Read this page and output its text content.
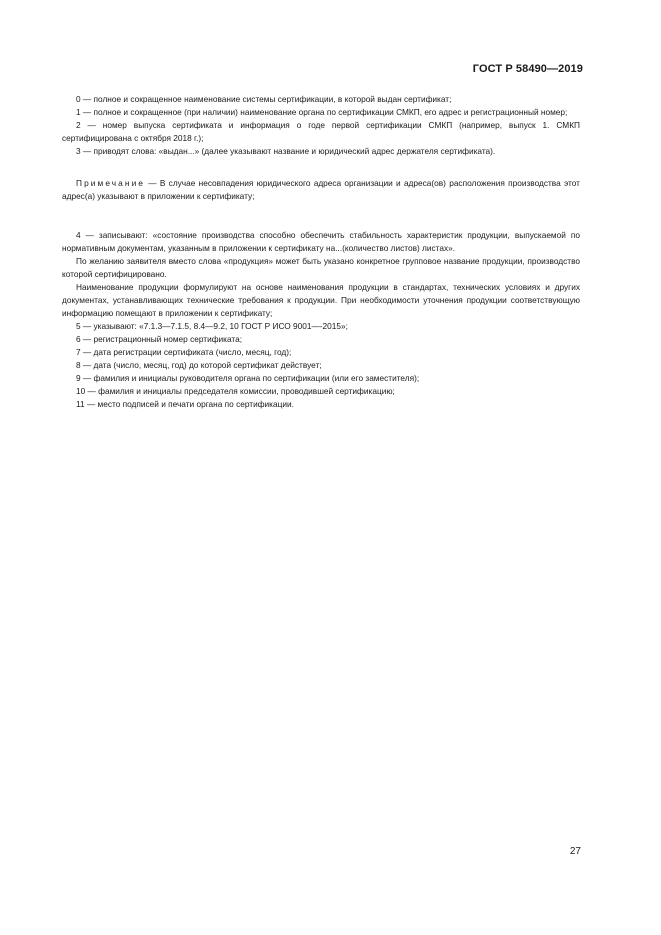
ГОСТ Р 58490—2019

0 — полное и сокращенное наименование системы сертификации, в которой выдан сертификат;

1 — полное и сокращенное (при наличии) наименование органа по сертификации СМКП, его адрес и регистрационный номер;

2 — номер выпуска сертификата и информация о годе первой сертификации СМКП (например, выпуск 1. СМКП сертифицирована с октября 2018 г.);

3 — приводят слова: «выдан...» (далее указывают название и юридический адрес держателя сертификата).

Примечание — В случае несовпадения юридического адреса организации и адреса(ов) расположения производства этот адрес(а) указывают в приложении к сертификату;

4 — записывают: «состояние производства способно обеспечить стабильность характеристик продукции, выпускаемой по нормативным документам, указанным в приложении к сертификату на...(количество листов) листах».

По желанию заявителя вместо слова «продукция» может быть указано конкретное групповое название продукции, производство которой сертифицировано.

Наименование продукции формулируют на основе наименования продукции в стандартах, технических условиях и других документах, устанавливающих технические требования к продукции. При необходимости уточнения продукции соответствующую информацию помещают в приложении к сертификату;

5 — указывают: «7.1.3—7.1.5, 8.4—9.2, 10 ГОСТ Р ИСО 9001—-2015»;

6 — регистрационный номер сертификата;

7 — дата регистрации сертификата (число, месяц, год);

8 — дата (число, месяц, год) до которой сертификат действует;

9 — фамилия и инициалы руководителя органа по сертификации (или его заместителя);

10 — фамилия и инициалы председателя комиссии, проводившей сертификацию;

11 — место подписей и печати органа по сертификации.

27
